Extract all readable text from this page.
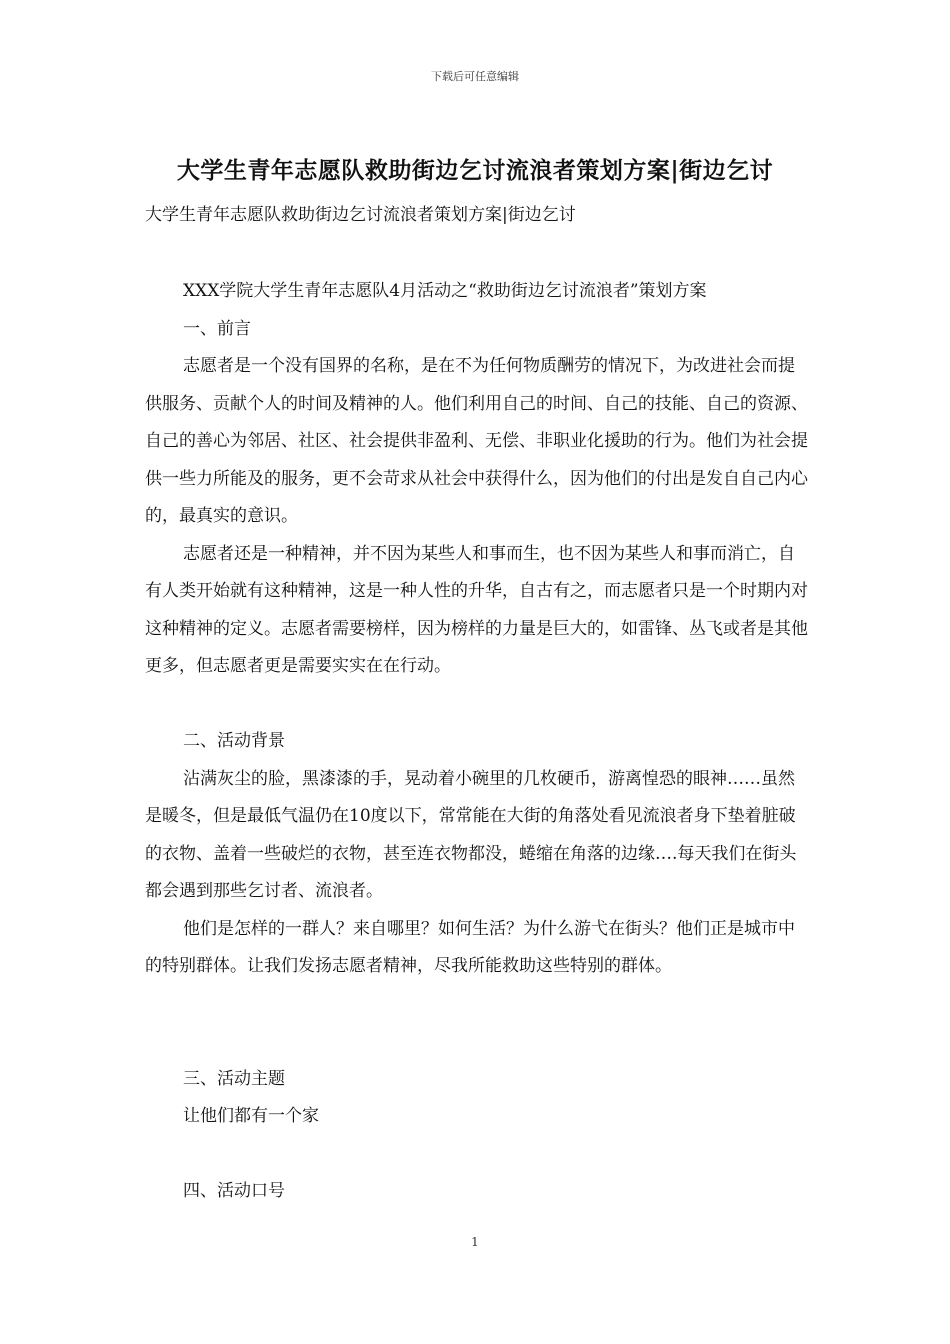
下载后可任意编辑
大学生青年志愿队救助街边乞讨流浪者策划方案|街边乞讨

大学生青年志愿队救助街边乞讨流浪者策划方案|街边乞讨

XXX学院大学生青年志愿队4月活动之“救助街边乞讨流浪者”策划方案

一、前言

志愿者是一个没有国界的名称，是在不为任何物质酬劳的情况下，为改进社会而提供服务、贡献个人的时间及精神的人。他们利用自己的时间、自己的技能、自己的资源、自己的善心为邻居、社区、社会提供非盈利、无偿、非职业化援助的行为。他们为社会提供一些力所能及的服务，更不会苛求从社会中获得什么，因为他们的付出是发自自己内心的，最真实的意识。

志愿者还是一种精神，并不因为某些人和事而生，也不因为某些人和事而消亡，自有人类开始就有这种精神，这是一种人性的升华，自古有之，而志愿者只是一个时期内对这种精神的定义。志愿者需要榜样，因为榜样的力量是巨大的，如雷锋、丛飞或者是其他更多，但志愿者更是需要实实在在行动。

二、活动背景

沾满灰尘的脸，黑漆漆的手，晃动着小碗里的几枚硬币，游离惶恐的眼神……虽然是暖冬，但是最低气温仍在10度以下，常常能在大街的角落处看见流浪者身下垫着脏破的衣物、盖着一些破烂的衣物，甚至连衣物都没，蜷缩在角落的边缘….每天我们在街头都会遇到那些乞讨者、流浪者。

他们是怎样的一群人？来自哪里？如何生活？为什么游弋在街头？他们正是城市中的特别群体。让我们发扬志愿者精神，尽我所能救助这些特别的群体。

三、活动主题

让他们都有一个家

四、活动口号

1
